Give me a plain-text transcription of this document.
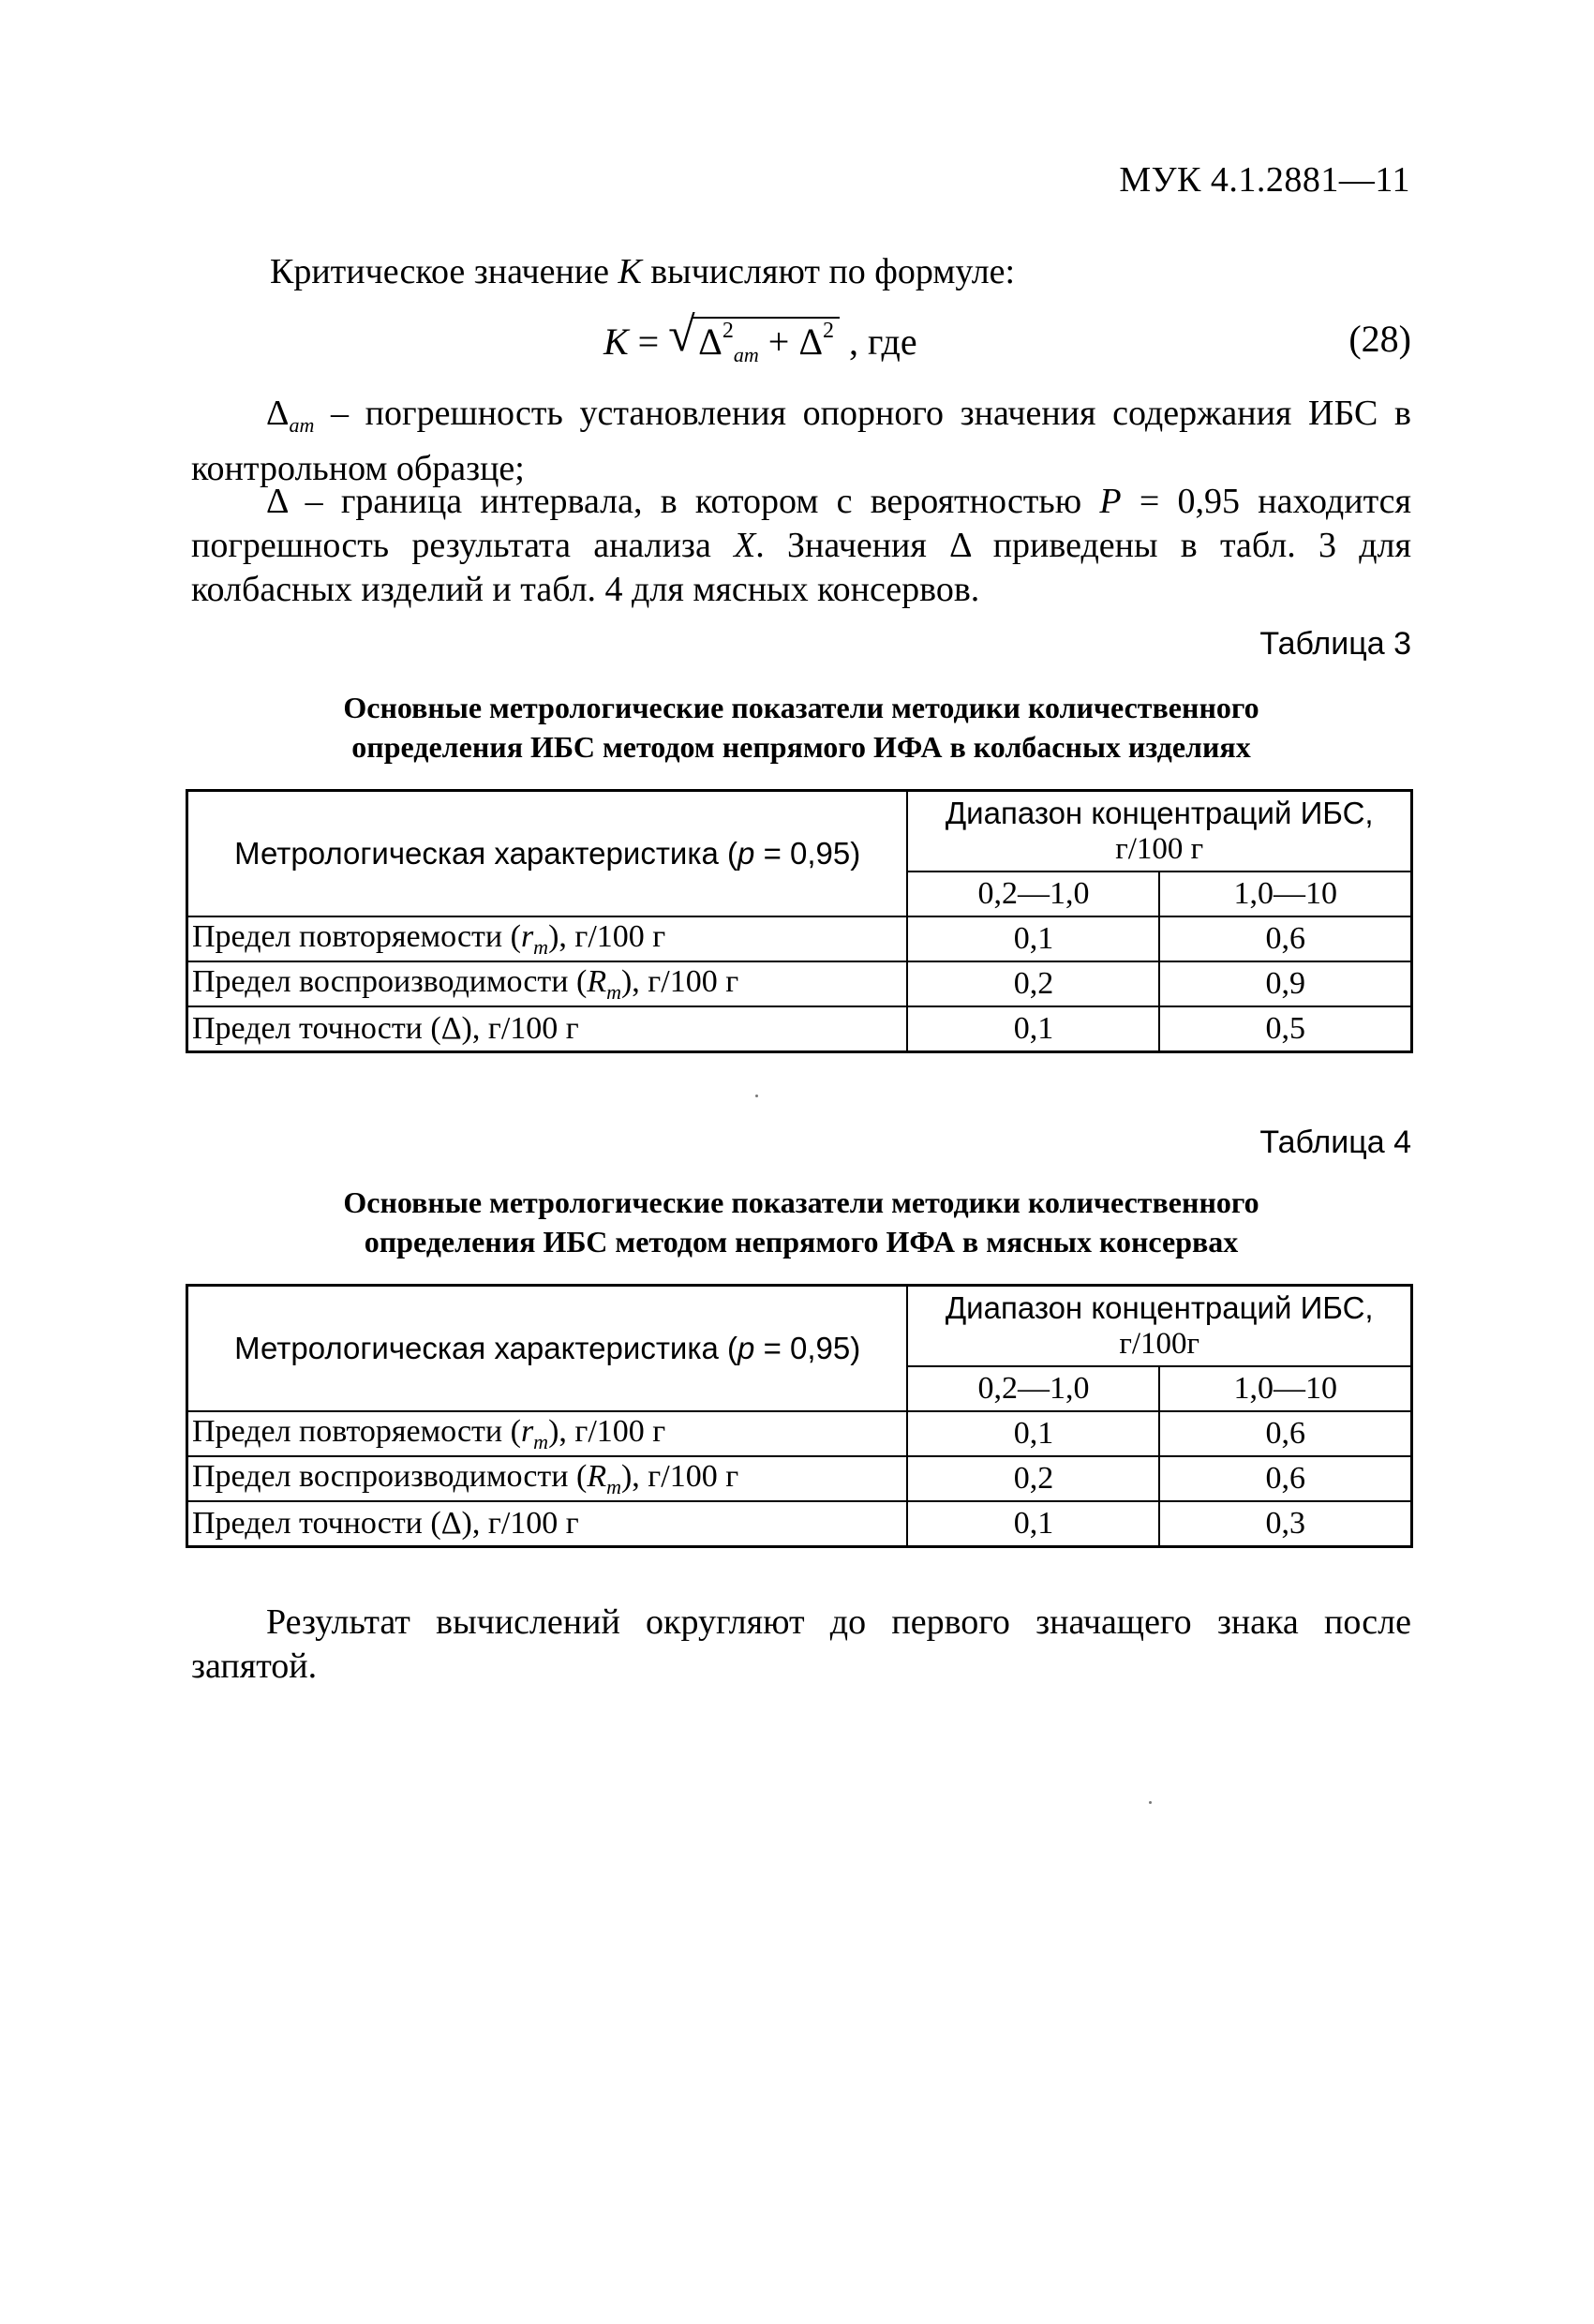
МУК 4.1.2881—11
Критическое значение К вычисляют по формуле:
К = √ $\Delta^2_{ат} + \Delta^2$ , где	(28)
$\Delta_{ат}$ – погрешность установления опорного значения содержания ИБС в контрольном образце;
Δ – граница интервала, в котором с вероятностью Р = 0,95 находится погрешность результата анализа X. Значения Δ приведены в табл. 3 для колбасных изделий и табл. 4 для мясных консервов.
Таблица 3
Основные метрологические показатели методики количественного
определения ИБС методом непрямого ИФА в колбасных изделиях
Метрологическая характеристика (р = 0,95)	Диапазон концентраций ИБС,
г/100 г	

	0,2—1,0	1,0—10
Предел повторяемости $(r_m)$, г/100 г	0,1	0,6
Предел воспроизводимости $(R_m)$, г/100 г	0,2	0,9
Предел точности (Δ), г/100 г	0,1	0,5
Таблица 4
Основные метрологические показатели методики количественного
определения ИБС методом непрямого ИФА в мясных консервах
Метрологическая характеристика (р = 0,95)	Диапазон концентраций ИБС,
г/100г	

	0,2—1,0	1,0—10
Предел повторяемости $(r_m)$, г/100 г	0,1	0,6
Предел воспроизводимости $(R_m)$, г/100 г	0,2	0,6
Предел точности (Δ), г/100 г	0,1	0,3
Результат вычислений округляют до первого значащего знака после запятой.
